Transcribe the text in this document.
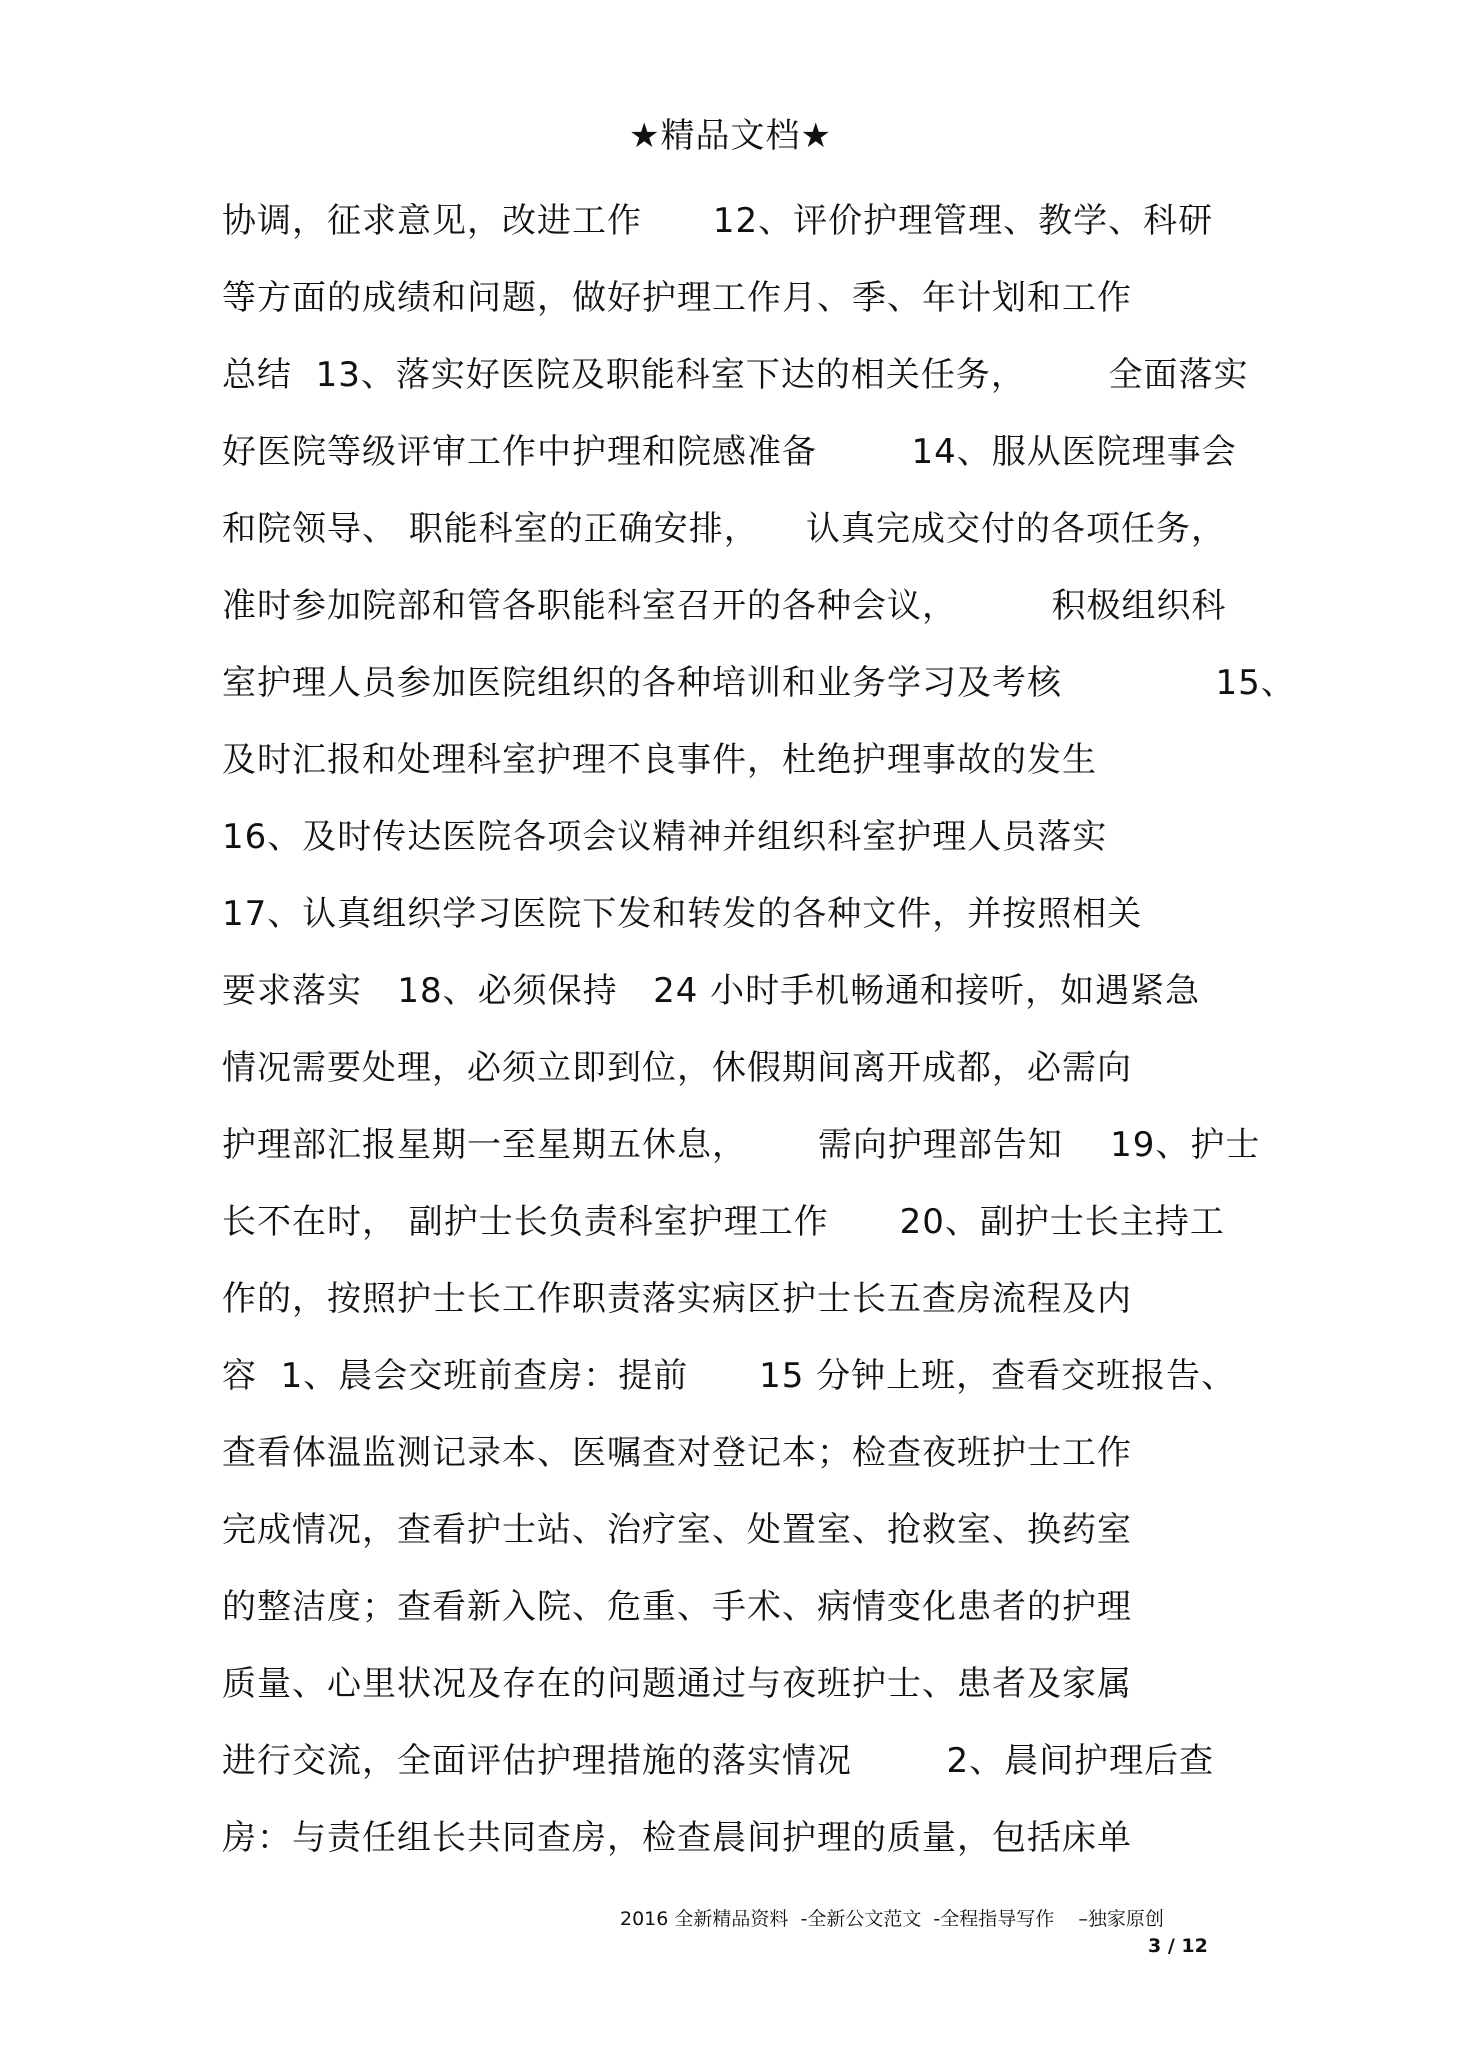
★精品文档★
协调，征求意见，改进工作      12、评价护理管理、教学、科研
等方面的成绩和问题，做好护理工作月、季、年计划和工作
总结  13、落实好医院及职能科室下达的相关任务，       全面落实
好医院等级评审工作中护理和院感准备        14、服从医院理事会
和院领导、 职能科室的正确安排，    认真完成交付的各项任务，
准时参加院部和管各职能科室召开的各种会议，        积极组织科
室护理人员参加医院组织的各种培训和业务学习及考核             15、
及时汇报和处理科室护理不良事件，杜绝护理事故的发生
16、及时传达医院各项会议精神并组织科室护理人员落实
17、认真组织学习医院下发和转发的各种文件，并按照相关
要求落实   18、必须保持   24 小时手机畅通和接听，如遇紧急
情况需要处理，必须立即到位，休假期间离开成都，必需向
护理部汇报星期一至星期五休息，      需向护理部告知    19、护士
长不在时， 副护士长负责科室护理工作      20、副护士长主持工
作的，按照护士长工作职责落实病区护士长五查房流程及内
容  1、晨会交班前查房：提前      15 分钟上班，查看交班报告、
查看体温监测记录本、医嘱查对登记本；检查夜班护士工作
完成情况，查看护士站、治疗室、处置室、抢救室、换药室
的整洁度；查看新入院、危重、手术、病情变化患者的护理
质量、心里状况及存在的问题通过与夜班护士、患者及家属
进行交流，全面评估护理措施的落实情况        2、晨间护理后查
房：与责任组长共同查房，检查晨间护理的质量，包括床单
2016 全新精品资料  -全新公文范文  -全程指导写作    –独家原创
3 / 12
